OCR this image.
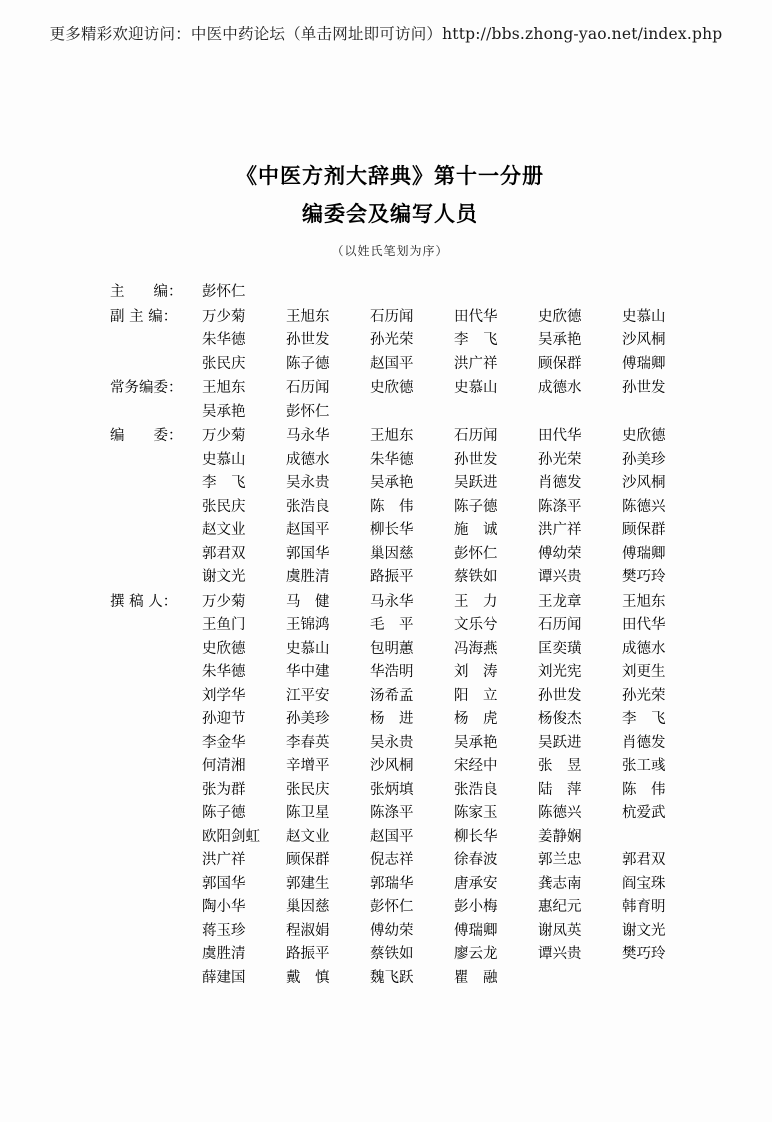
更多精彩欢迎访问：中医中药论坛（单击网址即可访问）http://bbs.zhong-yao.net/index.php
《中医方剂大辞典》第十一分册
编委会及编写人员
（以姓氏笔划为序）
主　　编：	彭怀仁
副 主 编：	万少菊	王旭东	石历闻	田代华	史欣德	史慕山
朱华德	孙世发	孙光荣	李　飞	吴承艳	沙风桐
张民庆	陈子德	赵国平	洪广祥	顾保群	傅瑞卿
常务编委：	王旭东	石历闻	史欣德	史慕山	成德水	孙世发
吴承艳	彭怀仁
编　　委：	万少菊	马永华	王旭东	石历闻	田代华	史欣德
史慕山	成德水	朱华德	孙世发	孙光荣	孙美珍
李　飞	吴永贵	吴承艳	吴跃进	肖德发	沙风桐
张民庆	张浩良	陈　伟	陈子德	陈涤平	陈德兴
赵文业	赵国平	柳长华	施　诚	洪广祥	顾保群
郭君双	郭国华	巢因慈	彭怀仁	傅幼荣	傅瑞卿
谢文光	虞胜清	路振平	蔡铁如	谭兴贵	樊巧玲
撰 稿 人：	万少菊	马　健	马永华	王　力	王龙章	王旭东
王鱼门	王锦鸿	毛　平	文乐兮	石历闻	田代华
史欣德	史慕山	包明蕙	冯海燕	匡奕璜	成德水
朱华德	华中建	华浩明	刘　涛	刘光宪	刘更生
刘学华	江平安	汤希孟	阳　立	孙世发	孙光荣
孙迎节	孙美珍	杨　进	杨　虎	杨俊杰	李　飞
李金华	李春英	吴永贵	吴承艳	吴跃进	肖德发
何清湘	辛增平	沙风桐	宋经中	张　昱	张工彧
张为群	张民庆	张炳填	张浩良	陆　萍	陈　伟
陈子德	陈卫星	陈涤平	陈家玉	陈德兴	杭爱武
欧阳剑虹	赵文业	赵国平	柳长华	姜静娴
洪广祥	顾保群	倪志祥	徐春波	郭兰忠	郭君双
郭国华	郭建生	郭瑞华	唐承安	龚志南	阎宝珠
陶小华	巢因慈	彭怀仁	彭小梅	惠纪元	韩育明
蒋玉珍	程淑娟	傅幼荣	傅瑞卿	谢凤英	谢文光
虞胜清	路振平	蔡铁如	廖云龙	谭兴贵	樊巧玲
薛建国	戴　慎	魏飞跃	瞿　融
